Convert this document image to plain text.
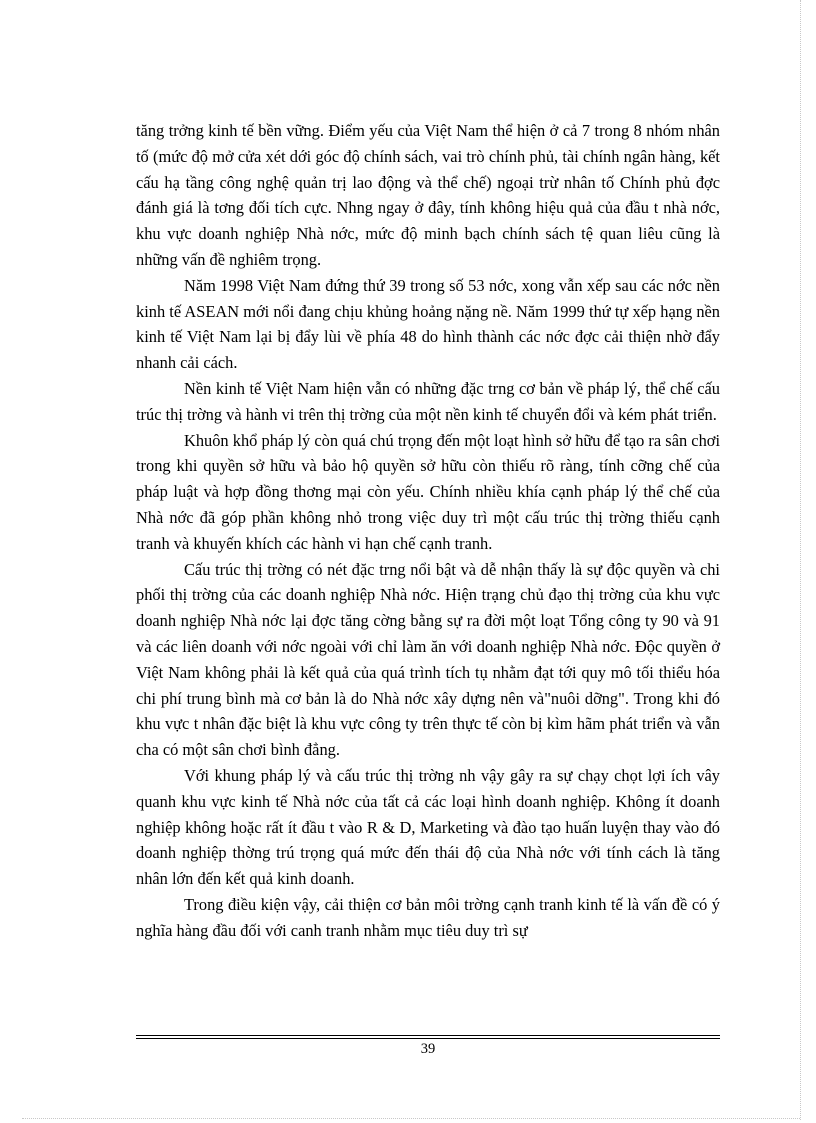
tăng trởng kinh tế bền vững. Điểm yếu của Việt Nam thể hiện ở cả 7 trong 8 nhóm nhân tố (mức độ mở cửa xét dới góc độ chính sách, vai trò chính phủ, tài chính ngân hàng, kết cấu hạ tầng công nghệ quản trị lao động và thể chế) ngoại trừ nhân tố Chính phủ đợc đánh giá là tơng đối tích cực. Nhng ngay ở đây, tính không hiệu quả của đầu t nhà nớc, khu vực doanh nghiệp Nhà nớc, mức độ minh bạch chính sách tệ quan liêu cũng là những vấn đề nghiêm trọng.

Năm 1998 Việt Nam đứng thứ 39 trong số 53 nớc, xong vẫn xếp sau các nớc nền kinh tế ASEAN mới nổi đang chịu khủng hoảng nặng nề. Năm 1999 thứ tự xếp hạng nền kinh tế Việt Nam lại bị đẩy lùi về phía 48 do hình thành các nớc đợc cải thiện nhờ đẩy nhanh cải cách.

Nền kinh tế Việt Nam hiện vẫn có những đặc trng cơ bản về pháp lý, thể chế cấu trúc thị trờng và hành vi trên thị trờng của một nền kinh tế chuyển đổi và kém phát triển.

Khuôn khổ pháp lý còn quá chú trọng đến một loạt hình sở hữu để tạo ra sân chơi trong khi quyền sở hữu và bảo hộ quyền sở hữu còn thiếu rõ ràng, tính cỡng chế của pháp luật và hợp đồng thơng mại còn yếu. Chính nhiều khía cạnh pháp lý thể chế của Nhà nớc đã góp phần không nhỏ trong việc duy trì một cấu trúc thị trờng thiếu cạnh tranh và khuyến khích các hành vi hạn chế cạnh tranh.

Cấu trúc thị trờng có nét đặc trng nổi bật và dễ nhận thấy là sự độc quyền và chi phối thị trờng của các doanh nghiệp Nhà nớc. Hiện trạng chủ đạo thị trờng của khu vực doanh nghiệp Nhà nớc lại đợc tăng cờng bằng sự ra đời một loạt Tổng công ty 90 và 91 và các liên doanh với nớc ngoài với chỉ làm ăn với doanh nghiệp Nhà nớc. Độc quyền ở Việt Nam không phải là kết quả của quá trình tích tụ nhằm đạt tới quy mô tối thiểu hóa chi phí trung bình mà cơ bản là do Nhà nớc xây dựng nên và"nuôi dỡng". Trong khi đó khu vực t nhân đặc biệt là khu vực công ty trên thực tế còn bị kìm hãm phát triển và vẫn cha có một sân chơi bình đẳng.

Với khung pháp lý và cấu trúc thị trờng nh vậy gây ra sự chạy chọt lợi ích vây quanh khu vực kinh tế Nhà nớc của tất cả các loại hình doanh nghiệp. Không ít doanh nghiệp không hoặc rất ít đầu t vào R & D, Marketing và đào tạo huấn luyện thay vào đó doanh nghiệp thờng trú trọng quá mức đến thái độ của Nhà nớc với tính cách là tăng nhân lớn đến kết quả kinh doanh.

Trong điều kiện vậy, cải thiện cơ bản môi trờng cạnh tranh kinh tế là vấn đề có ý nghĩa hàng đầu đối với canh tranh nhằm mục tiêu duy trì sự

39
